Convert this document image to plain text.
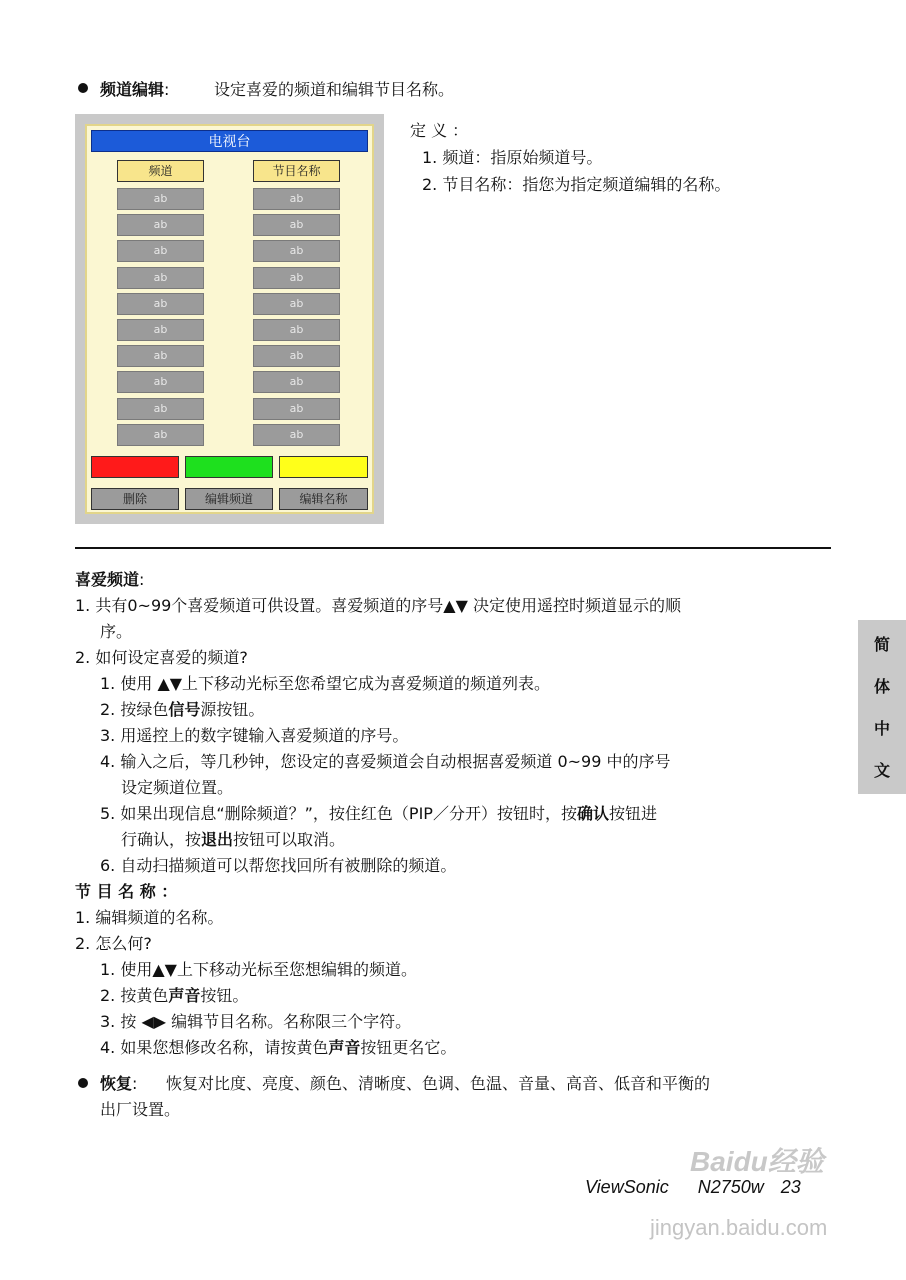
频道编辑:	设定喜爱的频道和编辑节目名称。
电视台
频道	节目名称
ab	ab
ab	ab
ab	ab
ab	ab
ab	ab
ab	ab
ab	ab
ab	ab
ab	ab
ab	ab
删除	编辑频道	编辑名称
定 义 ：
1. 频道：指原始频道号。
2. 节目名称：指您为指定频道编辑的名称。
喜爱频道:
1. 共有0~99个喜爱频道可供设置。喜爱频道的序号▲▼ 决定使用遥控时频道显示的顺
序。
2. 如何设定喜爱的频道?
1. 使用 ▲▼上下移动光标至您希望它成为喜爱频道的频道列表。
2. 按绿色信号源按钮。
3. 用遥控上的数字键输入喜爱频道的序号。
4. 输入之后，等几秒钟，您设定的喜爱频道会自动根据喜爱频道 0~99 中的序号
设定频道位置。
5. 如果出现信息“删除频道？”，按住红色（PIP／分开）按钮时，按确认按钮进
行确认，按退出按钮可以取消。
6. 自动扫描频道可以帮您找回所有被删除的频道。
节 目 名 称 ：
1. 编辑频道的名称。
2. 怎么何?
1. 使用▲▼上下移动光标至您想编辑的频道。
2. 按黄色声音按钮。
3. 按 ◀▶ 编辑节目名称。名称限三个字符。
4. 如果您想修改名称，请按黄色声音按钮更名它。
恢复: 恢复对比度、亮度、颜色、清晰度、色调、色温、音量、高音、低音和平衡的
出厂设置。
简
体
中
文
Baidu经验
jingyan.baidu.com
ViewSonic N2750w 23
